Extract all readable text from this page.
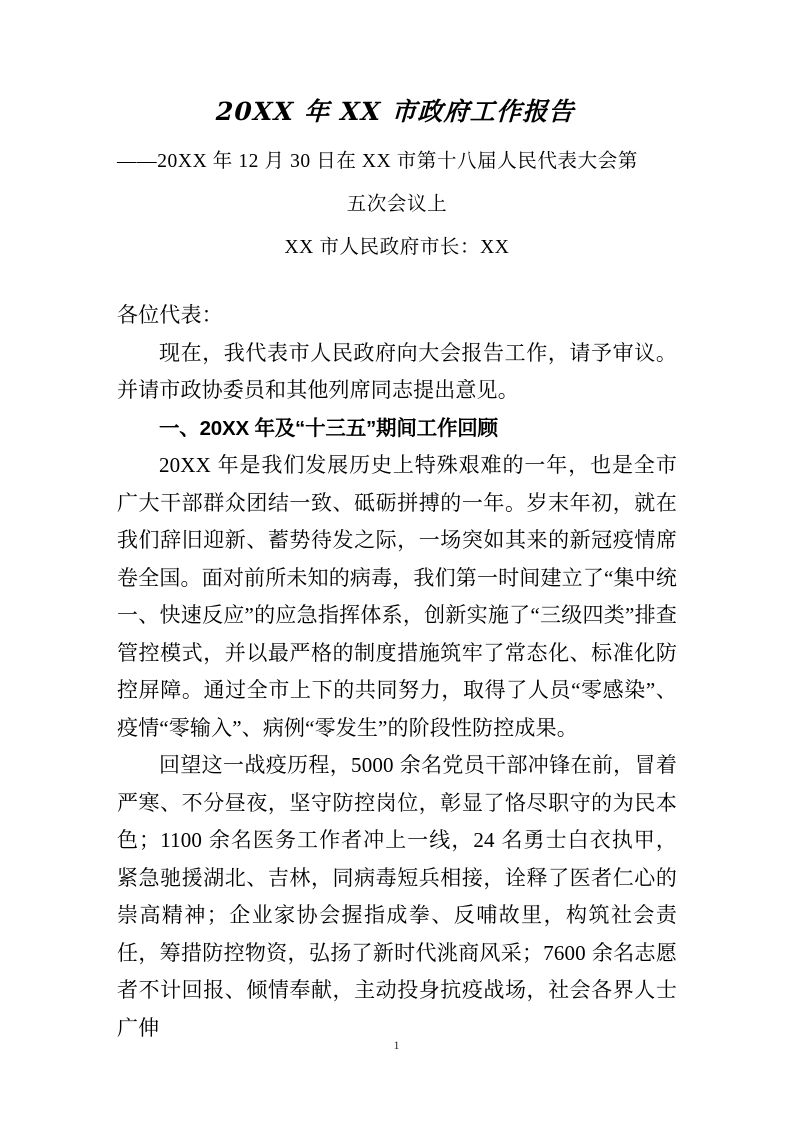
20XX 年 XX 市政府工作报告

——20XX 年 12 月 30 日在 XX 市第十八届人民代表大会第

五次会议上

XX 市人民政府市长：XX

各位代表：

现在，我代表市人民政府向大会报告工作，请予审议。并请市政协委员和其他列席同志提出意见。

一、20XX 年及“十三五”期间工作回顾

20XX 年是我们发展历史上特殊艰难的一年，也是全市广大干部群众团结一致、砥砺拼搏的一年。岁末年初，就在我们辞旧迎新、蓄势待发之际，一场突如其来的新冠疫情席卷全国。面对前所未知的病毒，我们第一时间建立了“集中统一、快速反应”的应急指挥体系，创新实施了“三级四类”排查管控模式，并以最严格的制度措施筑牢了常态化、标准化防控屏障。通过全市上下的共同努力，取得了人员“零感染”、疫情“零输入”、病例“零发生”的阶段性防控成果。

回望这一战疫历程，5000 余名党员干部冲锋在前，冒着严寒、不分昼夜，坚守防控岗位，彰显了恪尽职守的为民本色；1100 余名医务工作者冲上一线，24 名勇士白衣执甲，紧急驰援湖北、吉林，同病毒短兵相接，诠释了医者仁心的崇高精神；企业家协会握指成拳、反哺故里，构筑社会责任，筹措防控物资，弘扬了新时代洮商风采；7600 余名志愿者不计回报、倾情奉献，主动投身抗疫战场，社会各界人士广伸

1
